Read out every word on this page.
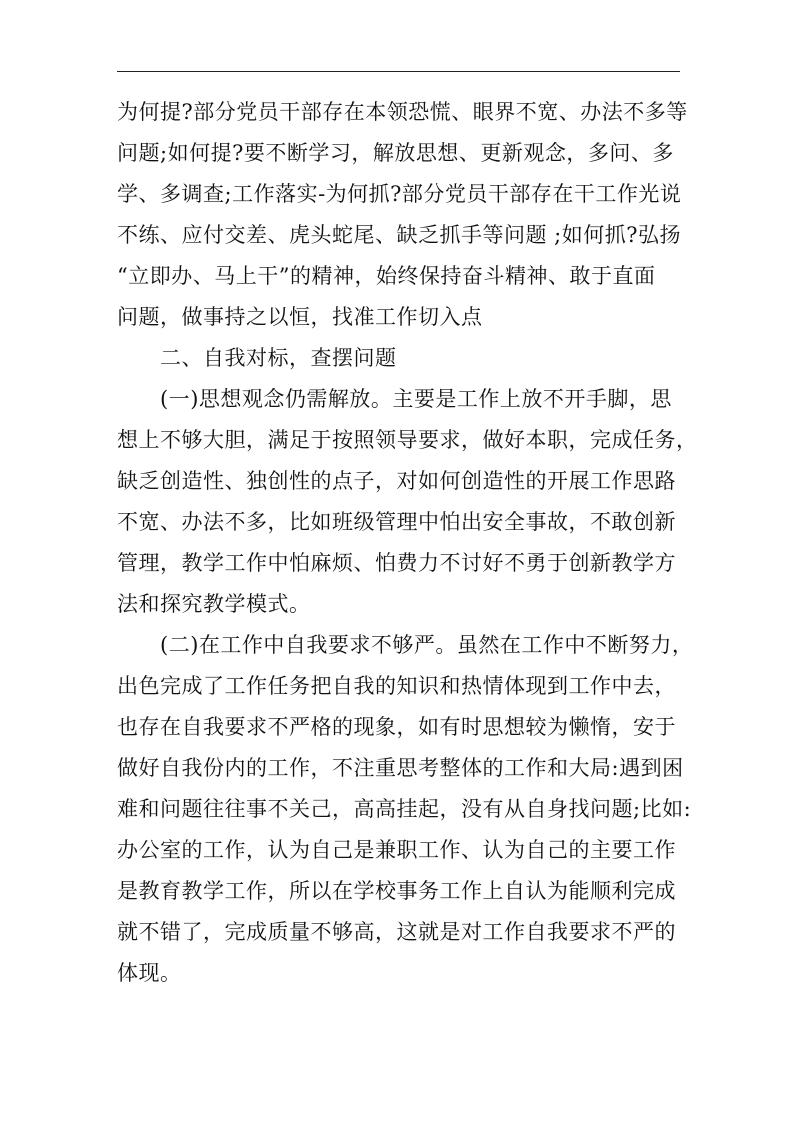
为何提?部分党员干部存在本领恐慌、眼界不宽、办法不多等
问题;如何提?要不断学习，解放思想、更新观念，多问、多
学、多调查;工作落实-为何抓?部分党员干部存在干工作光说
不练、应付交差、虎头蛇尾、缺乏抓手等问题 ;如何抓?弘扬
“立即办、马上干”的精神，始终保持奋斗精神、敢于直面
问题，做事持之以恒，找准工作切入点
二、自我对标，查摆问题
(一)思想观念仍需解放。主要是工作上放不开手脚，思
想上不够大胆，满足于按照领导要求，做好本职，完成任务，
缺乏创造性、独创性的点子，对如何创造性的开展工作思路
不宽、办法不多，比如班级管理中怕出安全事故，不敢创新
管理，教学工作中怕麻烦、怕费力不讨好不勇于创新教学方
法和探究教学模式。
(二)在工作中自我要求不够严。虽然在工作中不断努力，
出色完成了工作任务把自我的知识和热情体现到工作中去，
也存在自我要求不严格的现象，如有时思想较为懒惰，安于
做好自我份内的工作，不注重思考整体的工作和大局:遇到困
难和问题往往事不关己，高高挂起，没有从自身找问题;比如:
办公室的工作，认为自己是兼职工作、认为自己的主要工作
是教育教学工作，所以在学校事务工作上自认为能顺利完成
就不错了，完成质量不够高，这就是对工作自我要求不严的
体现。
